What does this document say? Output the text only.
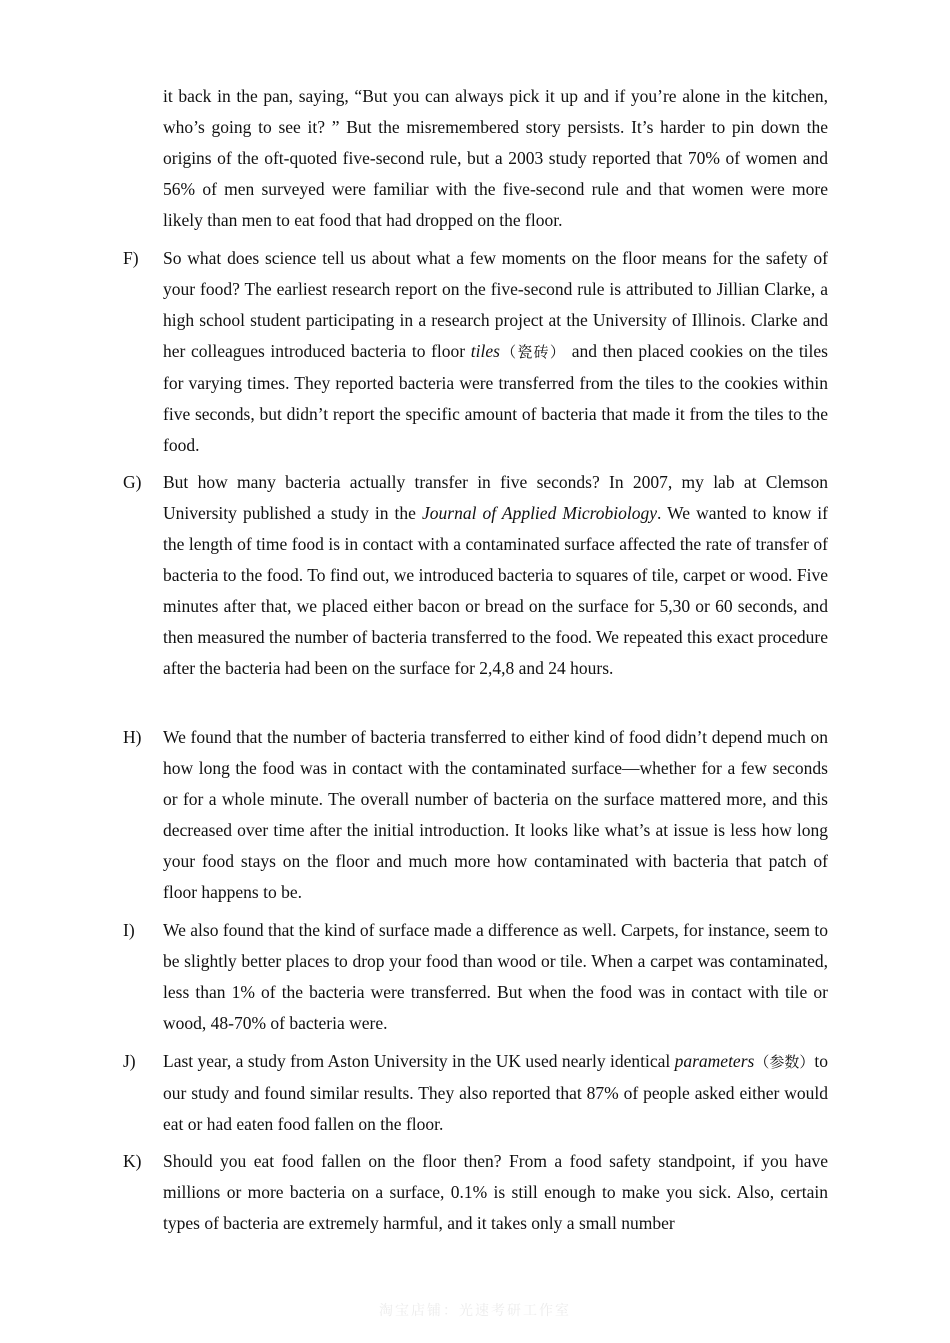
it back in the pan, saying, “But you can always pick it up and if you’re alone in the kitchen, who’s going to see it? ” But the misremembered story persists. It’s harder to pin down the origins of the oft-quoted five-second rule, but a 2003 study reported that 70% of women and 56% of men surveyed were familiar with the five-second rule and that women were more likely than men to eat food that had dropped on the floor.
F) So what does science tell us about what a few moments on the floor means for the safety of your food? The earliest research report on the five-second rule is attributed to Jillian Clarke, a high school student participating in a research project at the University of Illinois. Clarke and her colleagues introduced bacteria to floor tiles（瓷砖） and then placed cookies on the tiles for varying times. They reported bacteria were transferred from the tiles to the cookies within five seconds, but didn’t report the specific amount of bacteria that made it from the tiles to the food.
G) But how many bacteria actually transfer in five seconds? In 2007, my lab at Clemson University published a study in the Journal of Applied Microbiology. We wanted to know if the length of time food is in contact with a contaminated surface affected the rate of transfer of bacteria to the food. To find out, we introduced bacteria to squares of tile, carpet or wood. Five minutes after that, we placed either bacon or bread on the surface for 5,30 or 60 seconds, and then measured the number of bacteria transferred to the food. We repeated this exact procedure after the bacteria had been on the surface for 2,4,8 and 24 hours.
H) We found that the number of bacteria transferred to either kind of food didn’t depend much on how long the food was in contact with the contaminated surface—whether for a few seconds or for a whole minute. The overall number of bacteria on the surface mattered more, and this decreased over time after the initial introduction. It looks like what’s at issue is less how long your food stays on the floor and much more how contaminated with bacteria that patch of floor happens to be.
I) We also found that the kind of surface made a difference as well. Carpets, for instance, seem to be slightly better places to drop your food than wood or tile. When a carpet was contaminated, less than 1% of the bacteria were transferred. But when the food was in contact with tile or wood, 48-70% of bacteria were.
J) Last year, a study from Aston University in the UK used nearly identical parameters（参数）to our study and found similar results. They also reported that 87% of people asked either would eat or had eaten food fallen on the floor.
K) Should you eat food fallen on the floor then? From a food safety standpoint, if you have millions or more bacteria on a surface, 0.1% is still enough to make you sick. Also, certain types of bacteria are extremely harmful, and it takes only a small number
淘宝店铺：光速考研工作室
